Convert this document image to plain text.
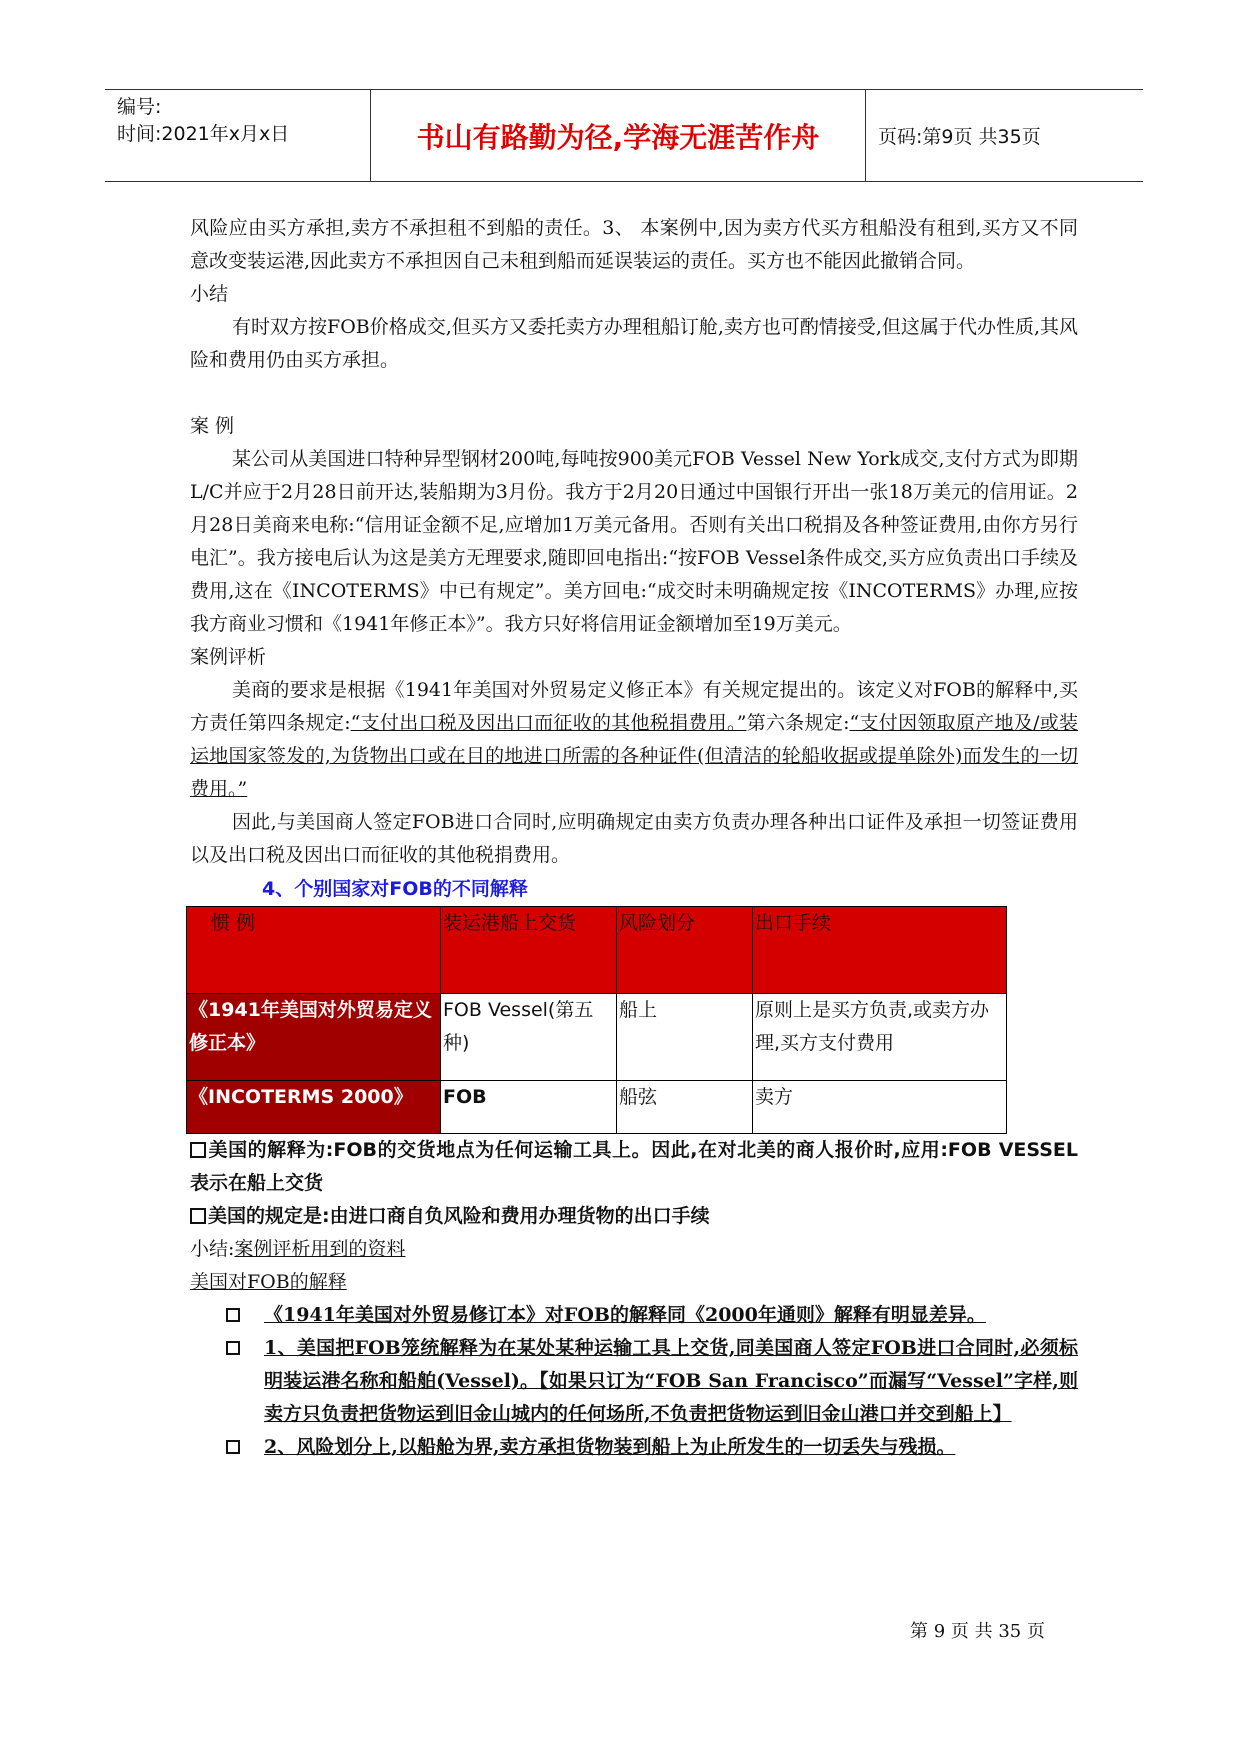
编号:
时间:2021年x月x日	书山有路勤为径,学海无涯苦作舟	页码:第9页 共35页

风险应由买方承担,卖方不承担租不到船的责任。3、 本案例中,因为卖方代买方租船没有租到,买方又不同意改变装运港,因此卖方不承担因自己未租到船而延误装运的责任。买方也不能因此撤销合同。

小结

有时双方按FOB价格成交,但买方又委托卖方办理租船订舱,卖方也可酌情接受,但这属于代办性质,其风险和费用仍由买方承担。

案 例

某公司从美国进口特种异型钢材200吨,每吨按900美元FOB Vessel New York成交,支付方式为即期L/C并应于2月28日前开达,装船期为3月份。我方于2月20日通过中国银行开出一张18万美元的信用证。2月28日美商来电称:“信用证金额不足,应增加1万美元备用。否则有关出口税捐及各种签证费用,由你方另行电汇”。我方接电后认为这是美方无理要求,随即回电指出:“按FOB Vessel条件成交,买方应负责出口手续及费用,这在《INCOTERMS》中已有规定”。美方回电:“成交时未明确规定按《INCOTERMS》办理,应按我方商业习惯和《1941年修正本》”。我方只好将信用证金额增加至19万美元。

案例评析

美商的要求是根据《1941年美国对外贸易定义修正本》有关规定提出的。该定义对FOB的解释中,买方责任第四条规定:“支付出口税及因出口而征收的其他税捐费用。”第六条规定:“支付因领取原产地及/或装运地国家签发的,为货物出口或在目的地进口所需的各种证件(但清洁的轮船收据或提单除外)而发生的一切费用。”

因此,与美国商人签定FOB进口合同时,应明确规定由卖方负责办理各种出口证件及承担一切签证费用以及出口税及因出口而征收的其他税捐费用。

4、个别国家对FOB的不同解释
惯 例	装运港船上交货	风险划分	出口手续
《1941年美国对外贸易定义修正本》	FOB Vessel(第五种)	船上	原则上是买方负责,或卖方办理,买方支付费用
《INCOTERMS 2000》	FOB	船弦	卖方

美国的解释为:FOB的交货地点为任何运输工具上。因此,在对北美的商人报价时,应用:FOB VESSEL 表示在船上交货

美国的规定是:由进口商自负风险和费用办理货物的出口手续

小结:案例评析用到的资料

美国对FOB的解释

《1941年美国对外贸易修订本》对FOB的解释同《2000年通则》解释有明显差异。
1、美国把FOB笼统解释为在某处某种运输工具上交货,同美国商人签定FOB进口合同时,必须标明装运港名称和船舶(Vessel)。【如果只订为“FOB San Francisco”而漏写“Vessel”字样,则卖方只负责把货物运到旧金山城内的任何场所,不负责把货物运到旧金山港口并交到船上】
2、风险划分上,以船舱为界,卖方承担货物装到船上为止所发生的一切丢失与残损。
第 9 页 共 35 页
